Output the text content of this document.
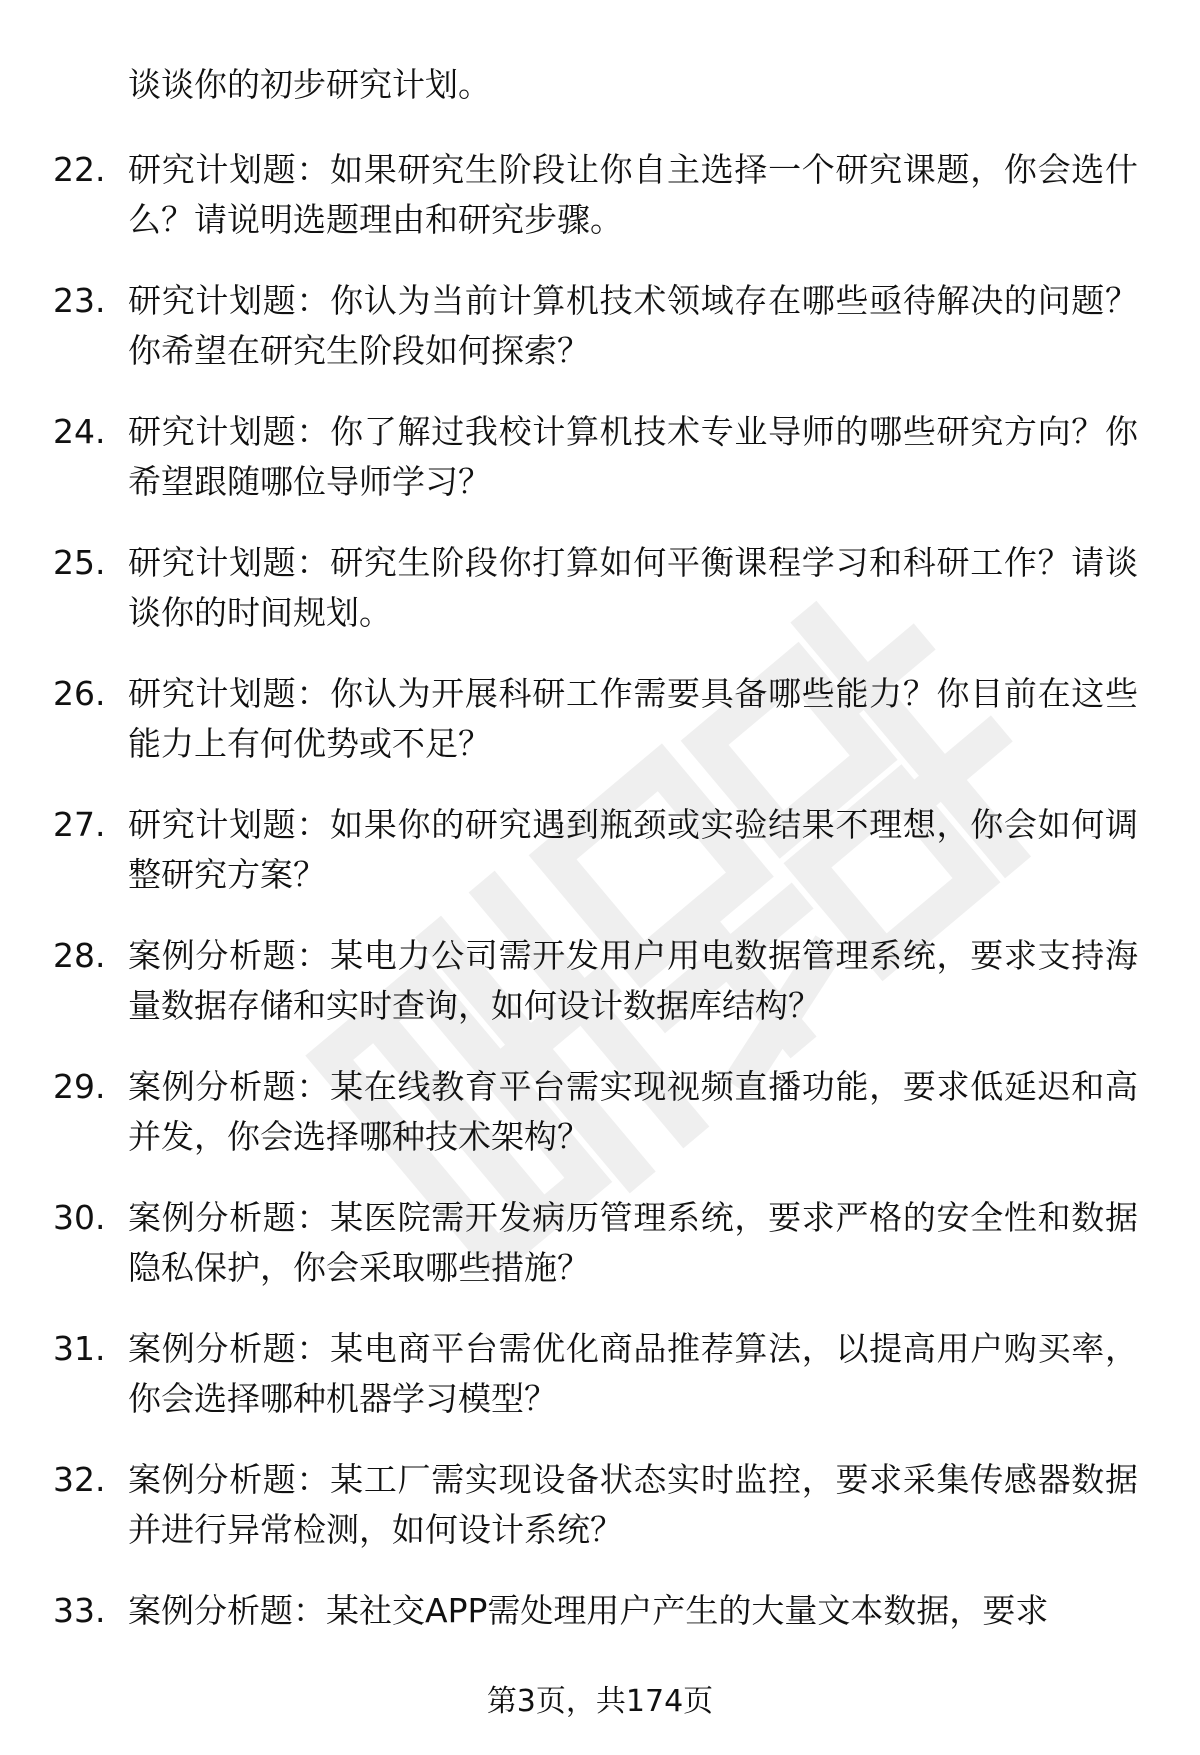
谈谈你的初步研究计划。

22. 研究计划题：如果研究生阶段让你自主选择一个研究课题，你会选什么？请说明选题理由和研究步骤。
23. 研究计划题：你认为当前计算机技术领域存在哪些亟待解决的问题？你希望在研究生阶段如何探索？
24. 研究计划题：你了解过我校计算机技术专业导师的哪些研究方向？你希望跟随哪位导师学习？
25. 研究计划题：研究生阶段你打算如何平衡课程学习和科研工作？请谈谈你的时间规划。
26. 研究计划题：你认为开展科研工作需要具备哪些能力？你目前在这些能力上有何优势或不足？
27. 研究计划题：如果你的研究遇到瓶颈或实验结果不理想，你会如何调整研究方案？
28. 案例分析题：某电力公司需开发用户用电数据管理系统，要求支持海量数据存储和实时查询，如何设计数据库结构？
29. 案例分析题：某在线教育平台需实现视频直播功能，要求低延迟和高并发，你会选择哪种技术架构？
30. 案例分析题：某医院需开发病历管理系统，要求严格的安全性和数据隐私保护，你会采取哪些措施？
31. 案例分析题：某电商平台需优化商品推荐算法，以提高用户购买率，你会选择哪种机器学习模型？
32. 案例分析题：某工厂需实现设备状态实时监控，要求采集传感器数据并进行异常检测，如何设计系统？
33. 案例分析题：某社交APP需处理用户产生的大量文本数据，要求
第3页，共174页
